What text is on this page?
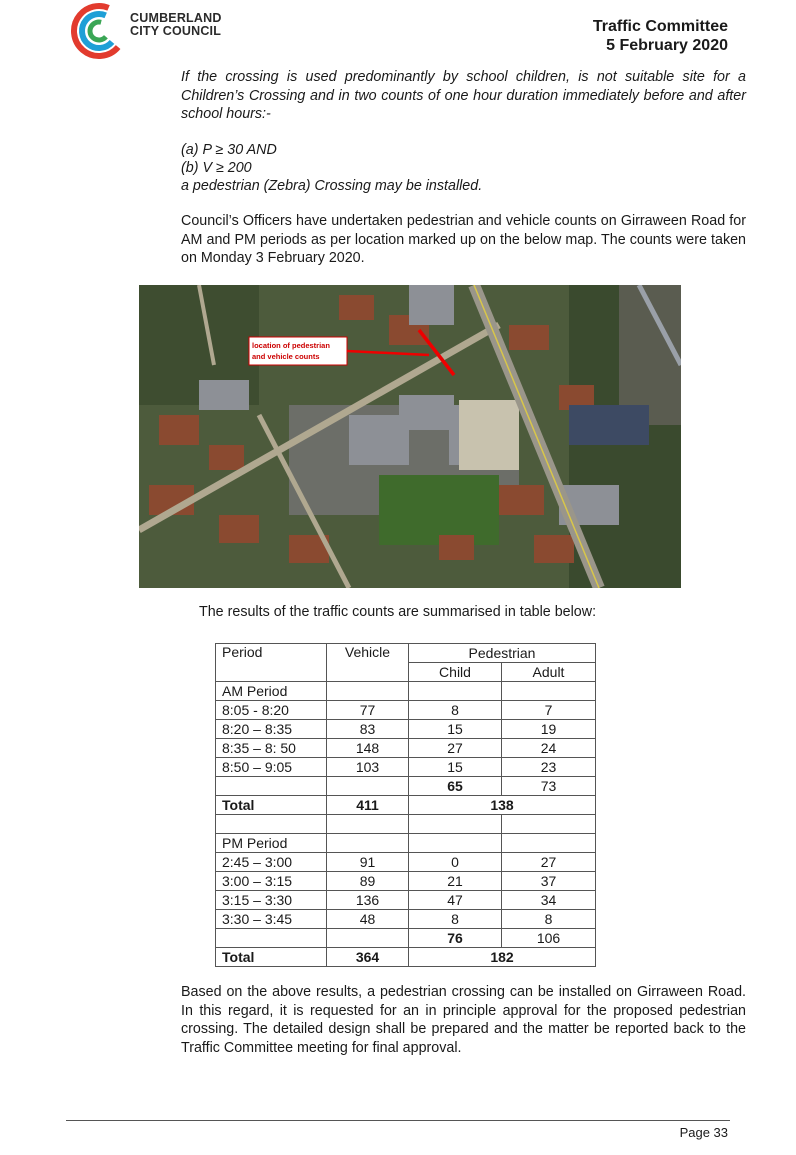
CUMBERLAND
CITY COUNCIL	Traffic Committee
5 February 2020
If the crossing is used predominantly by school children, is not suitable site for a Children’s Crossing and in two counts of one hour duration immediately before and after school hours:-
(a) P ≥ 30 AND
(b) V ≥ 200
a pedestrian (Zebra) Crossing may be installed.
Council’s Officers have undertaken pedestrian and vehicle counts on Girraween Road for AM and PM periods as per location marked up on the below map. The counts were taken on Monday 3 February 2020.
location of pedestrian
and vehicle counts
The results of the traffic counts are summarised in table below:
Period	Vehicle	Pedestrian	
		Child	Adult
AM Period			
8:05 - 8:20	77	8	7
8:20 – 8:35	83	15	19
8:35 – 8: 50	148	27	24
8:50 – 9:05	103	15	23
		65	73
Total	411	138	

PM Period			
2:45 – 3:00	91	0	27
3:00 – 3:15	89	21	37
3:15 – 3:30	136	47	34
3:30 – 3:45	48	8	8
		76	106
Total	364	182	
Based on the above results, a pedestrian crossing can be installed on Girraween Road. In this regard, it is requested for an in principle approval for the proposed pedestrian crossing. The detailed design shall be prepared and the matter be reported back to the Traffic Committee meeting for final approval.
Page 33
